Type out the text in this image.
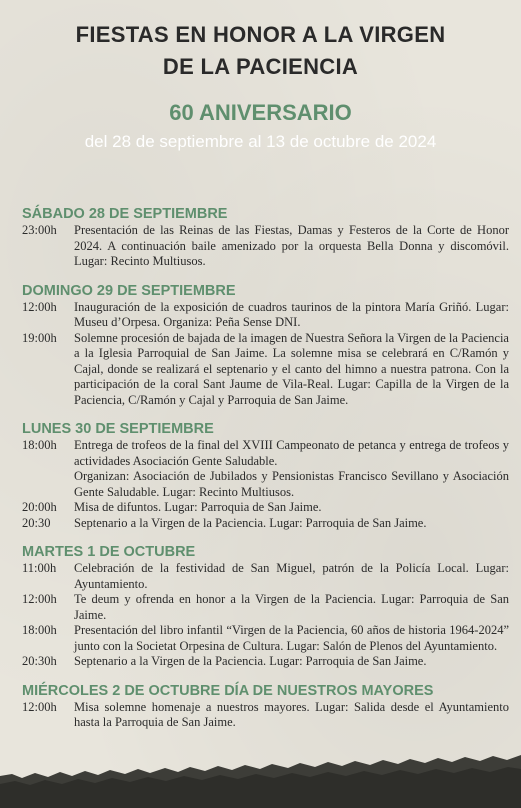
FIESTAS EN HONOR A LA VIRGEN
DE LA PACIENCIA
60 ANIVERSARIO
del 28 de septiembre al 13 de octubre de 2024
SÁBADO 28 DE SEPTIEMBRE
23:00h	Presentación de las Reinas de las Fiestas, Damas y Festeros de la Corte de Honor 2024. A continuación baile amenizado por la orquesta Bella Donna y discomóvil. Lugar: Recinto Multiusos.

DOMINGO 29 DE SEPTIEMBRE
12:00h	Inauguración de la exposición de cuadros taurinos de la pintora María Griñó. Lugar: Museu d’Orpesa. Organiza: Peña Sense DNI.

19:00h	Solemne procesión de bajada de la imagen de Nuestra Señora la Virgen de la Paciencia a la Iglesia Parroquial de San Jaime. La solemne misa se celebrará en C/Ramón y Cajal, donde se realizará el septenario y el canto del himno a nuestra patrona. Con la participación de la coral Sant Jaume de Vila-Real. Lugar: Capilla de la Virgen de la Paciencia, C/Ramón y Cajal y Parroquia de San Jaime.

LUNES 30 DE SEPTIEMBRE
18:00h	Entrega de trofeos de la final del XVIII Campeonato de petanca y entrega de trofeos y actividades Asociación Gente Saludable.

Organizan: Asociación de Jubilados y Pensionistas Francisco Sevillano y Asociación Gente Saludable. Lugar: Recinto Multiusos.

20:00h	Misa de difuntos. Lugar: Parroquia de San Jaime.

20:30	Septenario a la Virgen de la Paciencia. Lugar: Parroquia de San Jaime.

MARTES 1 DE OCTUBRE
11:00h	Celebración de la festividad de San Miguel, patrón de la Policía Local. Lugar: Ayuntamiento.

12:00h	Te deum y ofrenda en honor a la Virgen de la Paciencia. Lugar: Parroquia de San Jaime.

18:00h	Presentación del libro infantil “Virgen de la Paciencia, 60 años de historia 1964-2024” junto con la Societat Orpesina de Cultura. Lugar: Salón de Plenos del Ayuntamiento.

20:30h	Septenario a la Virgen de la Paciencia. Lugar: Parroquia de San Jaime.

MIÉRCOLES 2 DE OCTUBRE DÍA DE NUESTROS MAYORES
12:00h	Misa solemne homenaje a nuestros mayores. Lugar: Salida desde el Ayuntamiento hasta la Parroquia de San Jaime.
